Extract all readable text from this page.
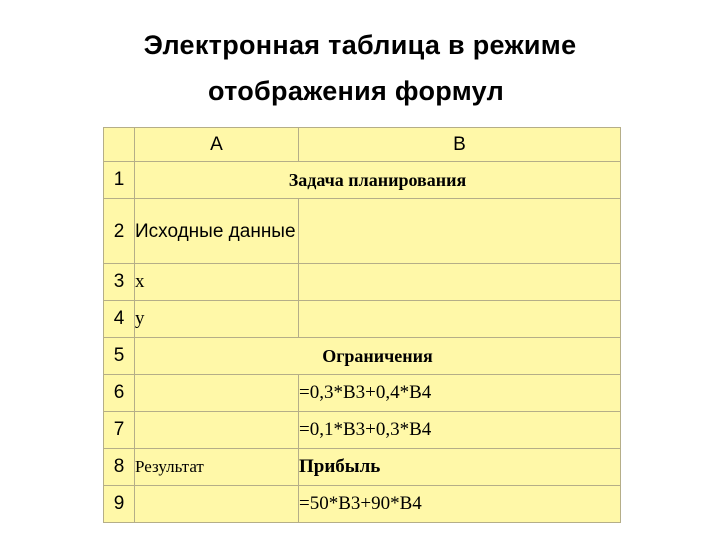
Электронная таблица в режиме
отображения формул
	A	B
1	Задача планирования	
2	Исходные данные	
3	x	
4	y	
5	Ограничения	
6		=0,3*B3+0,4*B4
7		=0,1*B3+0,3*B4
8	Результат	Прибыль
9		=50*B3+90*B4
